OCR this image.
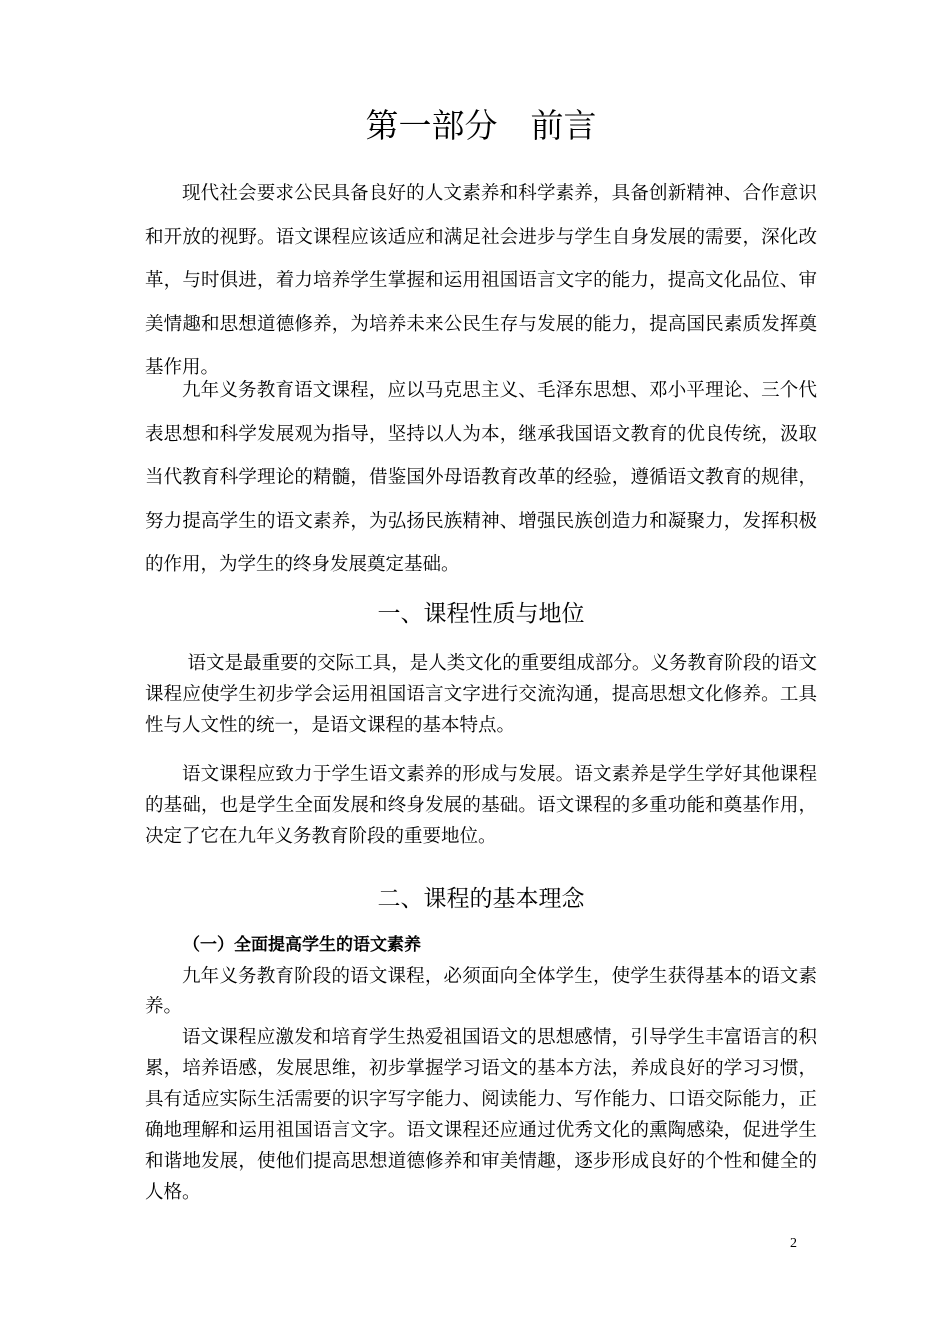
第一部分　前言

现代社会要求公民具备良好的人文素养和科学素养，具备创新精神、合作意识和开放的视野。语文课程应该适应和满足社会进步与学生自身发展的需要，深化改革，与时俱进，着力培养学生掌握和运用祖国语言文字的能力，提高文化品位、审美情趣和思想道德修养，为培养未来公民生存与发展的能力，提高国民素质发挥奠基作用。

九年义务教育语文课程，应以马克思主义、毛泽东思想、邓小平理论、三个代表思想和科学发展观为指导，坚持以人为本，继承我国语文教育的优良传统，汲取当代教育科学理论的精髓，借鉴国外母语教育改革的经验，遵循语文教育的规律，努力提高学生的语文素养，为弘扬民族精神、增强民族创造力和凝聚力，发挥积极的作用，为学生的终身发展奠定基础。

一、课程性质与地位

语文是最重要的交际工具，是人类文化的重要组成部分。义务教育阶段的语文课程应使学生初步学会运用祖国语言文字进行交流沟通，提高思想文化修养。工具性与人文性的统一，是语文课程的基本特点。

语文课程应致力于学生语文素养的形成与发展。语文素养是学生学好其他课程的基础，也是学生全面发展和终身发展的基础。语文课程的多重功能和奠基作用，决定了它在九年义务教育阶段的重要地位。

二、课程的基本理念
（一）全面提高学生的语文素养

九年义务教育阶段的语文课程，必须面向全体学生，使学生获得基本的语文素养。

语文课程应激发和培育学生热爱祖国语文的思想感情，引导学生丰富语言的积累，培养语感，发展思维，初步掌握学习语文的基本方法，养成良好的学习习惯，具有适应实际生活需要的识字写字能力、阅读能力、写作能力、口语交际能力，正确地理解和运用祖国语言文字。语文课程还应通过优秀文化的熏陶感染，促进学生和谐地发展，使他们提高思想道德修养和审美情趣，逐步形成良好的个性和健全的人格。

2
